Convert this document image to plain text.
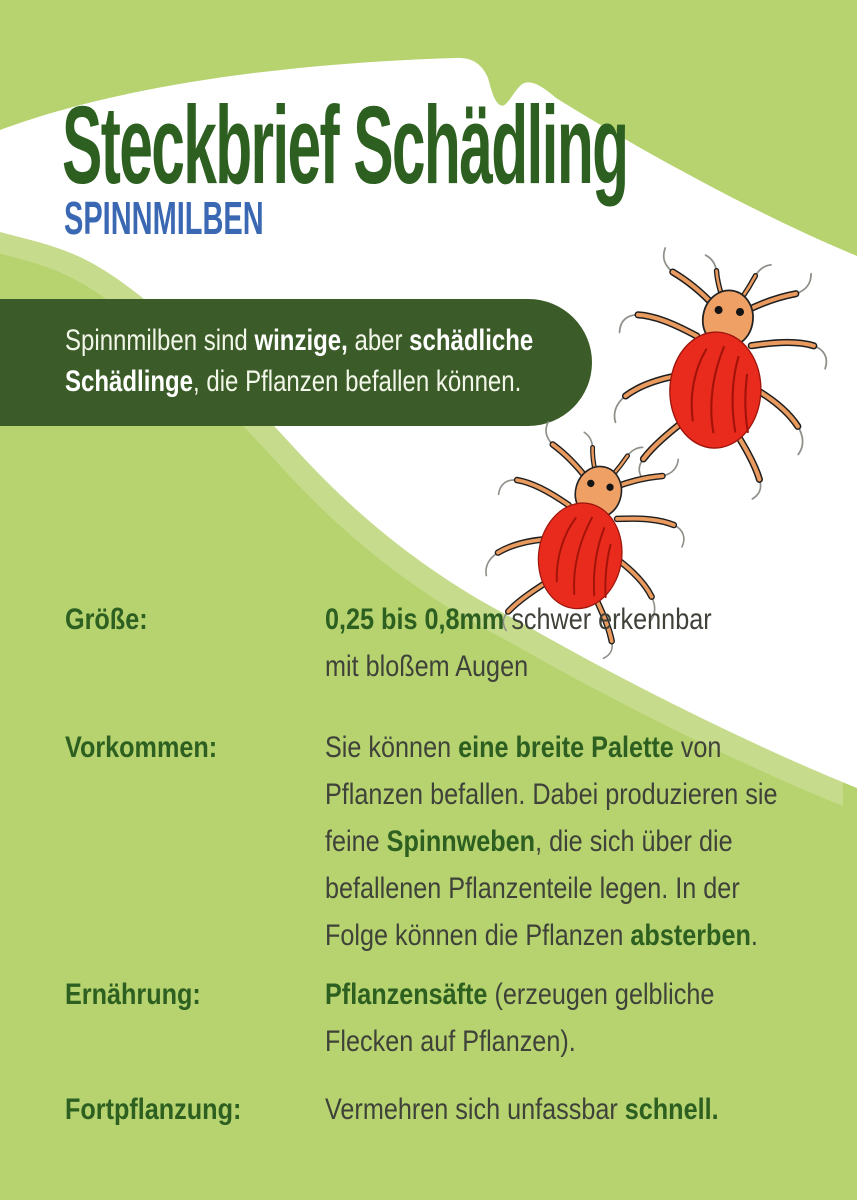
Steckbrief Schädling
SPINNMILBEN
Spinnmilben sind winzige, aber schädliche
Schädlinge, die Pflanzen befallen können.
Größe:	0,25 bis 0,8mm schwer erkennbar
mit bloßem Augen
Vorkommen:	Sie können eine breite Palette von
Pflanzen befallen. Dabei produzieren sie
feine Spinnweben, die sich über die
befallenen Pflanzenteile legen. In der
Folge können die Pflanzen absterben.
Ernährung:	Pflanzensäfte (erzeugen gelbliche
Flecken auf Pflanzen).
Fortpflanzung:	Vermehren sich unfassbar schnell.
